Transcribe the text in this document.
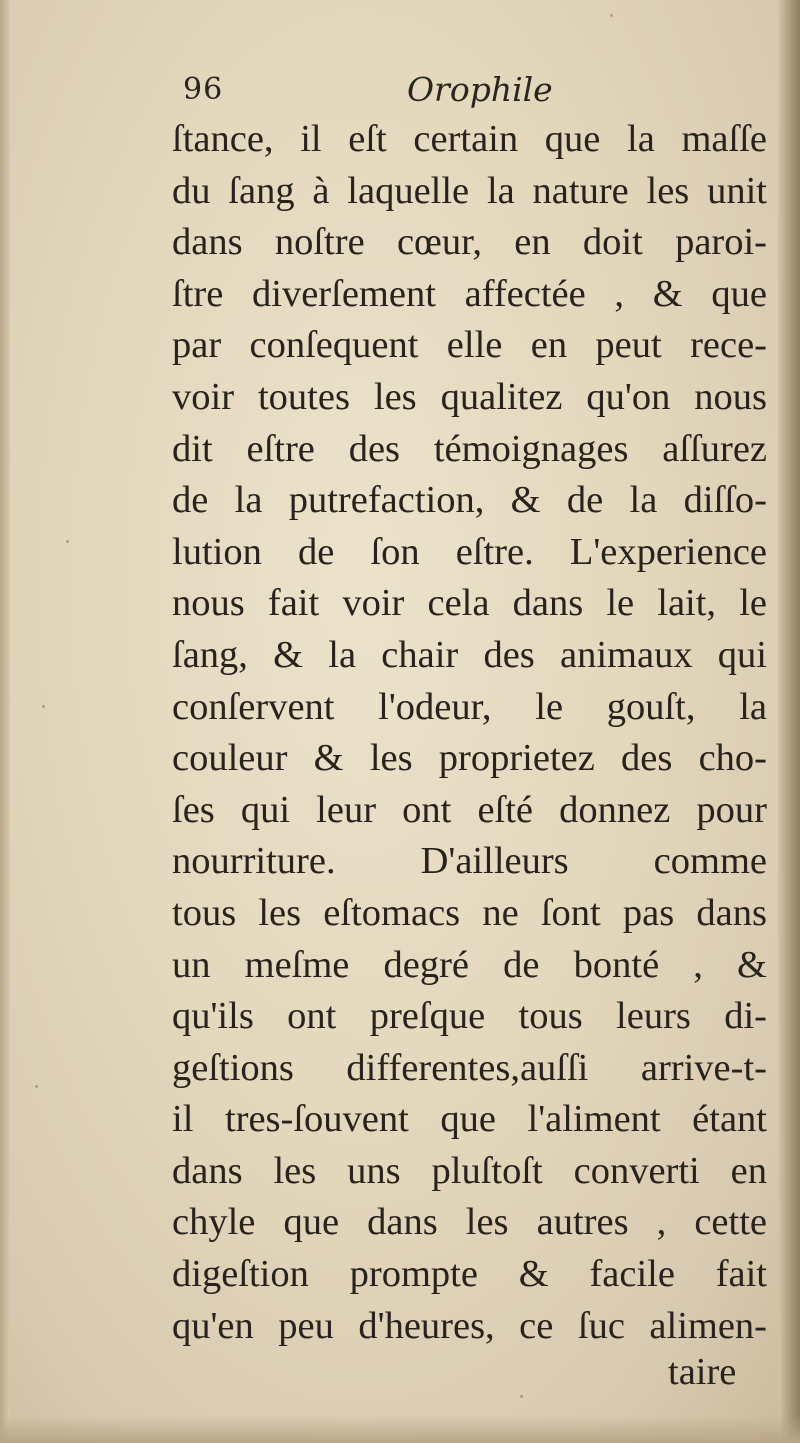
96	Orophile
ſtance, il eſt certain que la maſſe
du ſang à laquelle la nature les unit
dans noſtre cœur, en doit paroi-
ſtre diverſement affectée , & que
par conſequent elle en peut rece-
voir toutes les qualitez qu'on nous
dit eſtre des témoignages aſſurez
de la putrefaction, & de la diſſo-
lution de ſon eſtre. L'experience
nous fait voir cela dans le lait, le
ſang, & la chair des animaux qui
conſervent l'odeur, le gouſt, la
couleur & les proprietez des cho-
ſes qui leur ont eſté donnez pour
nourriture. D'ailleurs comme
tous les eſtomacs ne ſont pas dans
un meſme degré de bonté , &
qu'ils ont preſque tous leurs di-
geſtions differentes,auſſi arrive-t-
il tres-ſouvent que l'aliment étant
dans les uns pluſtoſt converti en
chyle que dans les autres , cette
digeſtion prompte & facile fait
qu'en peu d'heures, ce ſuc alimen-
taire
